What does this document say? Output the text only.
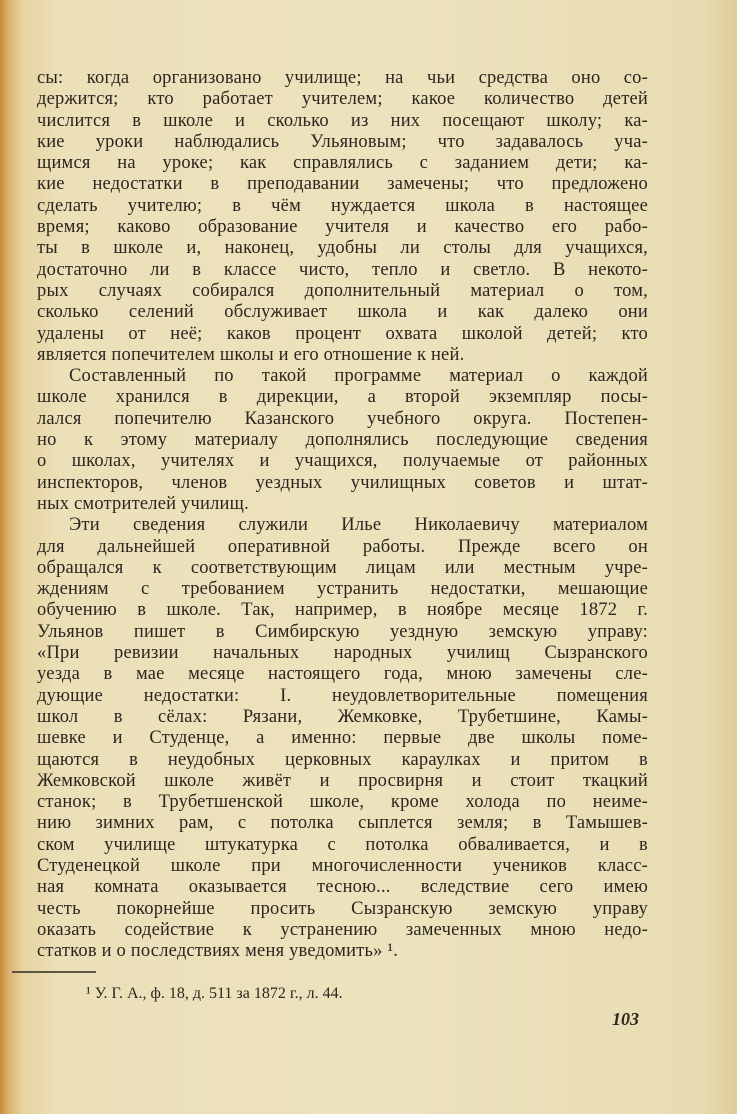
сы: когда организовано училище; на чьи средства оно со-
держится; кто работает учителем; какое количество детей
числится в школе и сколько из них посещают школу; ка-
кие уроки наблюдались Ульяновым; что задавалось уча-
щимся на уроке; как справлялись с заданием дети; ка-
кие недостатки в преподавании замечены; что предложено
сделать учителю; в чём нуждается школа в настоящее
время; каково образование учителя и качество его рабо-
ты в школе и, наконец, удобны ли столы для учащихся,
достаточно ли в классе чисто, тепло и светло. В некото-
рых случаях собирался дополнительный материал о том,
сколько селений обслуживает школа и как далеко они
удалены от неё; каков процент охвата школой детей; кто
является попечителем школы и его отношение к ней.
Составленный по такой программе материал о каждой
школе хранился в дирекции, а второй экземпляр посы-
лался попечителю Казанского учебного округа. Постепен-
но к этому материалу дополнялись последующие сведения
о школах, учителях и учащихся, получаемые от районных
инспекторов, членов уездных училищных советов и штат-
ных смотрителей училищ.
Эти сведения служили Илье Николаевичу материалом
для дальнейшей оперативной работы. Прежде всего он
обращался к соответствующим лицам или местным учре-
ждениям с требованием устранить недостатки, мешающие
обучению в школе. Так, например, в ноябре месяце 1872 г.
Ульянов пишет в Симбирскую уездную земскую управу:
«При ревизии начальных народных училищ Сызранского
уезда в мае месяце настоящего года, мною замечены сле-
дующие недостатки: I. неудовлетворительные помещения
школ в сёлах: Рязани, Жемковке, Трубетшине, Камы-
шевке и Студенце, а именно: первые две школы поме-
щаются в неудобных церковных караулках и притом в
Жемковской школе живёт и просвирня и стоит ткацкий
станок; в Трубетшенской школе, кроме холода по неиме-
нию зимних рам, с потолка сыплется земля; в Тамышев-
ском училище штукатурка с потолка обваливается, и в
Студенецкой школе при многочисленности учеников класс-
ная комната оказывается тесною... вследствие сего имею
честь покорнейше просить Сызранскую земскую управу
оказать содействие к устранению замеченных мною недо-
статков и о последствиях меня уведомить» ¹.
¹ У. Г. А., ф. 18, д. 511 за 1872 г., л. 44.
103
